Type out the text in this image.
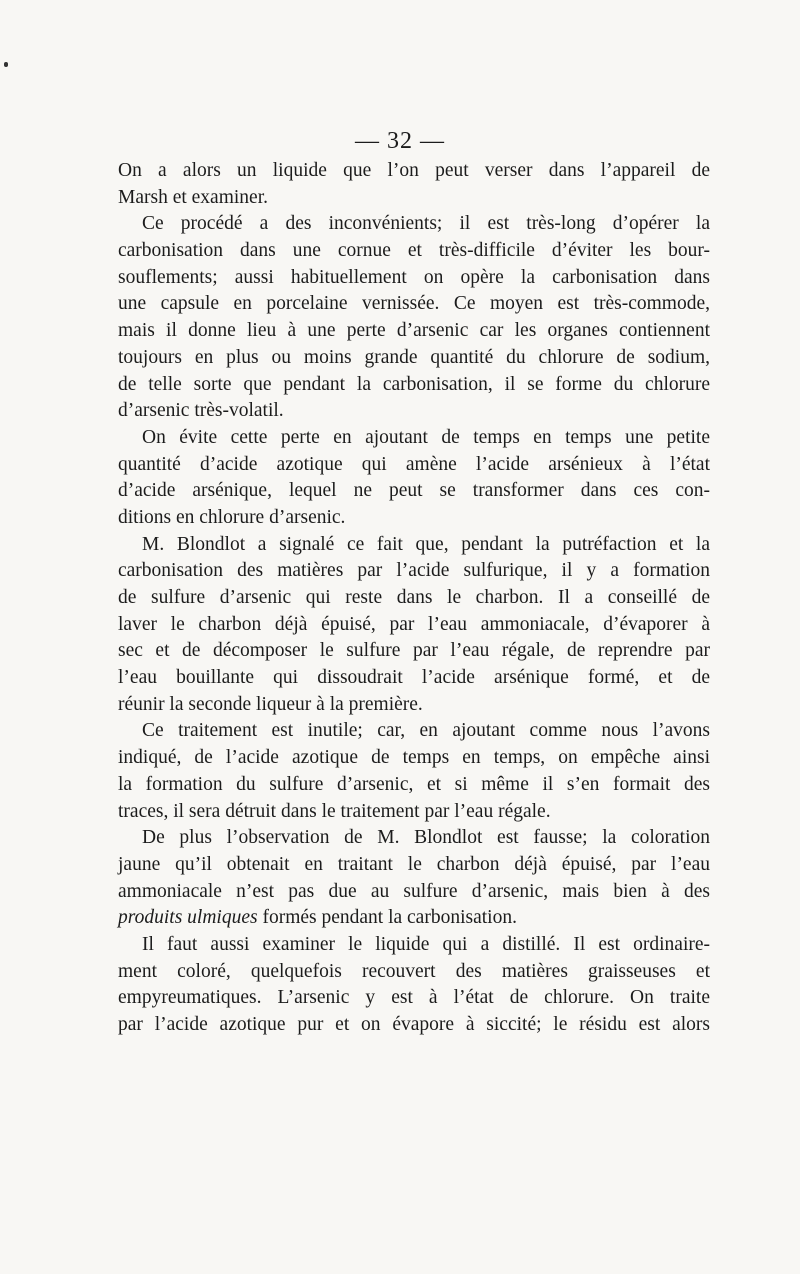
— 32 —
On a alors un liquide que l’on peut verser dans l’appareil de
Marsh et examiner.
Ce procédé a des inconvénients; il est très-long d’opérer la
carbonisation dans une cornue et très-difficile d’éviter les bour-
souflements; aussi habituellement on opère la carbonisation dans
une capsule en porcelaine vernissée. Ce moyen est très-commode,
mais il donne lieu à une perte d’arsenic car les organes contiennent
toujours en plus ou moins grande quantité du chlorure de sodium,
de telle sorte que pendant la carbonisation, il se forme du chlorure
d’arsenic très-volatil.
On évite cette perte en ajoutant de temps en temps une petite
quantité d’acide azotique qui amène l’acide arsénieux à l’état
d’acide arsénique, lequel ne peut se transformer dans ces con-
ditions en chlorure d’arsenic.
M. Blondlot a signalé ce fait que, pendant la putréfaction et la
carbonisation des matières par l’acide sulfurique, il y a formation
de sulfure d’arsenic qui reste dans le charbon. Il a conseillé de
laver le charbon déjà épuisé, par l’eau ammoniacale, d’évaporer à
sec et de décomposer le sulfure par l’eau régale, de reprendre par
l’eau bouillante qui dissoudrait l’acide arsénique formé, et de
réunir la seconde liqueur à la première.
Ce traitement est inutile; car, en ajoutant comme nous l’avons
indiqué, de l’acide azotique de temps en temps, on empêche ainsi
la formation du sulfure d’arsenic, et si même il s’en formait des
traces, il sera détruit dans le traitement par l’eau régale.
De plus l’observation de M. Blondlot est fausse; la coloration
jaune qu’il obtenait en traitant le charbon déjà épuisé, par l’eau
ammoniacale n’est pas due au sulfure d’arsenic, mais bien à des
produits ulmiques formés pendant la carbonisation.
Il faut aussi examiner le liquide qui a distillé. Il est ordinaire-
ment coloré, quelquefois recouvert des matières graisseuses et
empyreumatiques. L’arsenic y est à l’état de chlorure. On traite
par l’acide azotique pur et on évapore à siccité; le résidu est alors
